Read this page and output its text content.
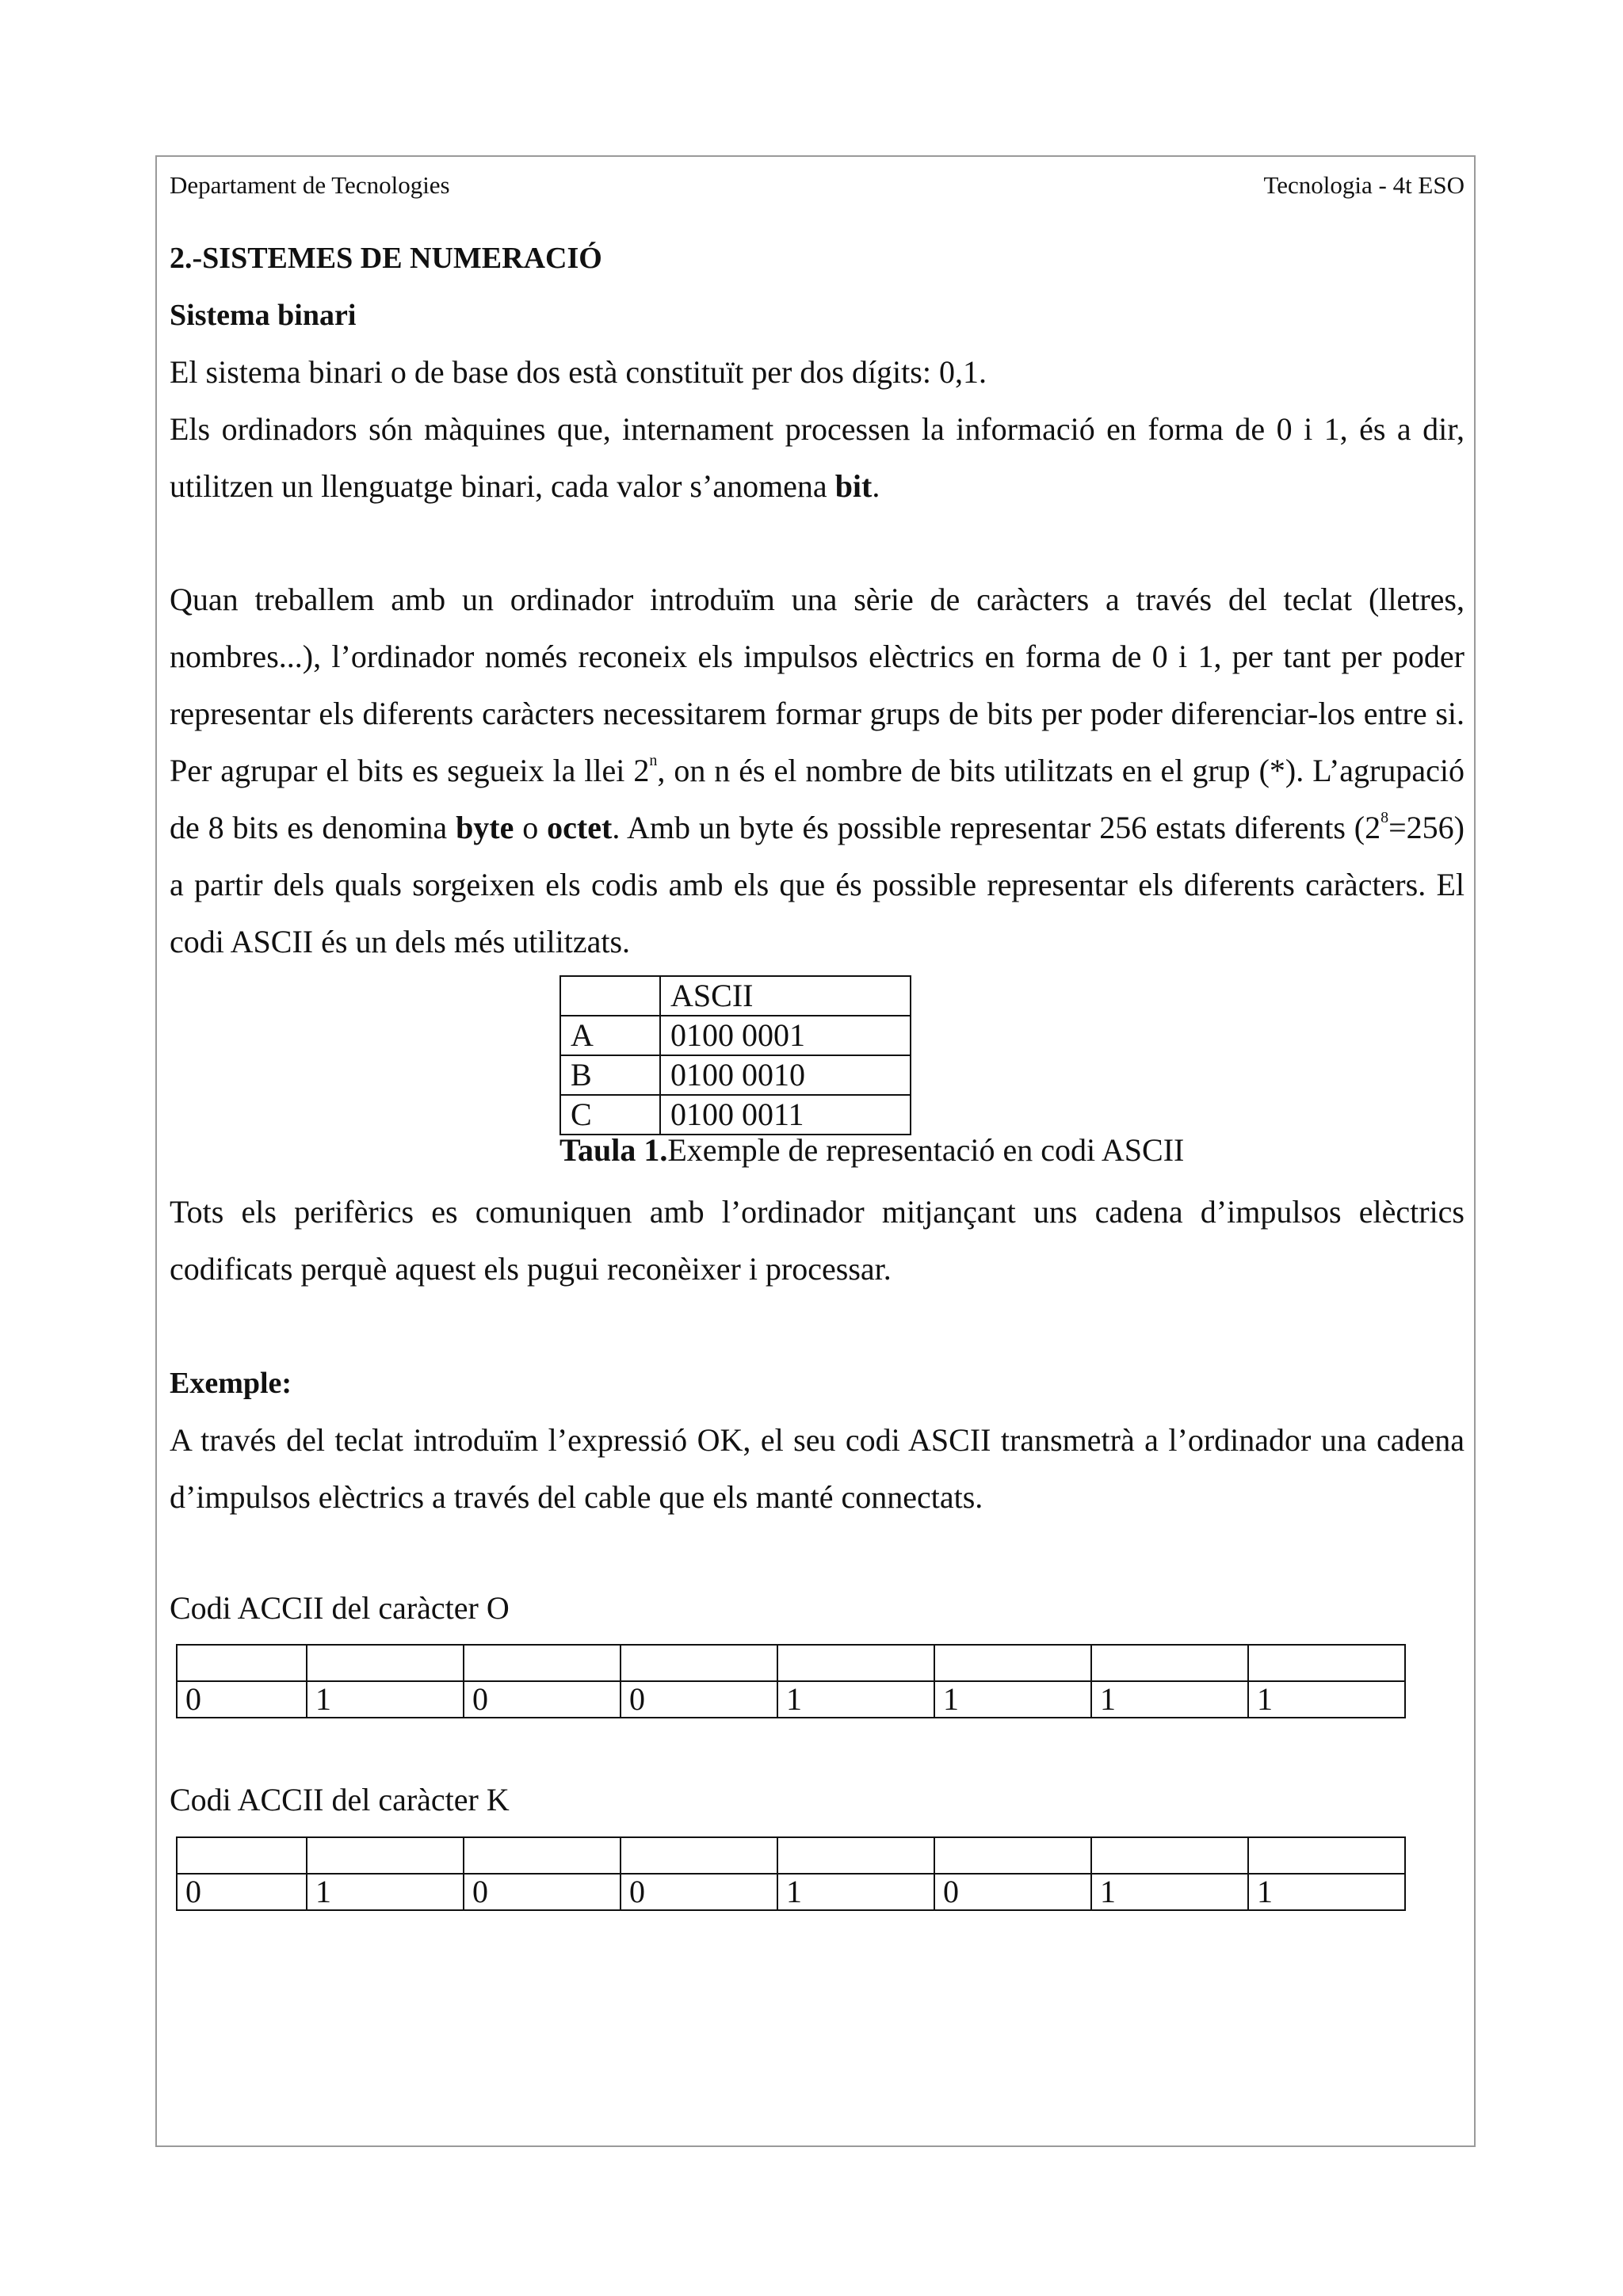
Departament de Tecnologies	Tecnologia - 4t ESO

2.-SISTEMES DE NUMERACIÓ

Sistema binari

El sistema binari o de base dos està constituït per dos dígits: 0,1.

Els ordinadors són màquines que, internament processen la informació en forma de 0 i 1, és a dir, utilitzen un llenguatge binari, cada valor s’anomena bit.

Quan treballem amb un ordinador introduïm una sèrie de caràcters a través del teclat (lletres, nombres...), l’ordinador només reconeix els impulsos elèctrics en forma de 0 i 1, per tant per poder representar els diferents caràcters necessitarem formar grups de bits per poder diferenciar-los entre si. Per agrupar el bits es segueix la llei 2$^n$, on n és el nombre de bits utilitzats en el grup (*). L’agrupació de 8 bits es denomina byte o octet. Amb un byte és possible representar 256 estats diferents $(2^8=256)$ a partir dels quals sorgeixen els codis amb els que és possible representar els diferents caràcters. El codi ASCII és un dels més utilitzats.

	ASCII
A	0100 0001
B	0100 0010
C	0100 0011
Taula 1.Exemple de representació en codi ASCII

Tots els perifèrics es comuniquen amb l’ordinador mitjançant uns cadena d’impulsos elèctrics codificats perquè aquest els pugui reconèixer i processar.

Exemple:

A través del teclat introduïm l’expressió OK, el seu codi ASCII transmetrà a l’ordinador una cadena d’impulsos elèctrics a través del cable que els manté connectats.

Codi ACCII del caràcter O

0	1	0	0	1	1	1	1

Codi ACCII del caràcter K

0	1	0	0	1	0	1	1
